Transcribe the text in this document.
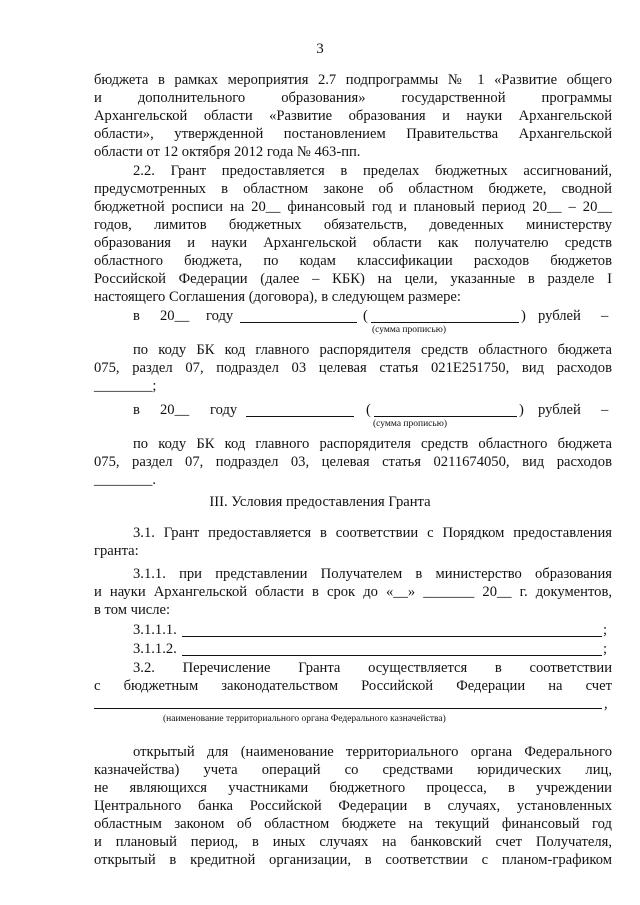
3
бюджета в рамках мероприятия 2.7 подпрограммы № 1 «Развитие общего
и дополнительного образования» государственной программы
Архангельской области «Развитие образования и науки Архангельской
области», утвержденной постановлением Правительства Архангельской
области от 12 октября 2012 года № 463-пп.
2.2. Грант предоставляется в пределах бюджетных ассигнований,
предусмотренных в областном законе об областном бюджете, сводной
бюджетной росписи на 20__ финансовый год и плановый период 20__ – 20__
годов, лимитов бюджетных обязательств, доведенных министерству
образования и науки Архангельской области как получателю средств
областного бюджета, по кодам классификации расходов бюджетов
Российской Федерации (далее – КБК) на цели, указанные в разделе I
настоящего Соглашения (договора), в следующем размере:
в 20__ году	(	) рублей –
(сумма прописью)
по коду БК код главного распорядителя средств областного бюджета
075, раздел 07, подраздел 03 целевая статья 021E251750, вид расходов
________;
в 20__ году	(	) рублей –
(сумма прописью)
по коду БК код главного распорядителя средств областного бюджета
075, раздел 07, подраздел 03, целевая статья 0211674050, вид расходов
________.
III. Условия предоставления Гранта
3.1. Грант предоставляется в соответствии с Порядком предоставления
гранта:
3.1.1. при представлении Получателем в министерство образования
и науки Архангельской области в срок до «__» _______ 20__ г. документов,
в том числе:
3.1.1.1.	;
3.1.1.2.	;
3.2. Перечисление Гранта осуществляется в соответствии
с бюджетным законодательством Российской Федерации на счет
,
(наименование территориального органа Федерального казначейства)
открытый для (наименование территориального органа Федерального
казначейства) учета операций со средствами юридических лиц,
не являющихся участниками бюджетного процесса, в учреждении
Центрального банка Российской Федерации в случаях, установленных
областным законом об областном бюджете на текущий финансовый год
и плановый период, в иных случаях на банковский счет Получателя,
открытый в кредитной организации, в соответствии с планом-графиком
